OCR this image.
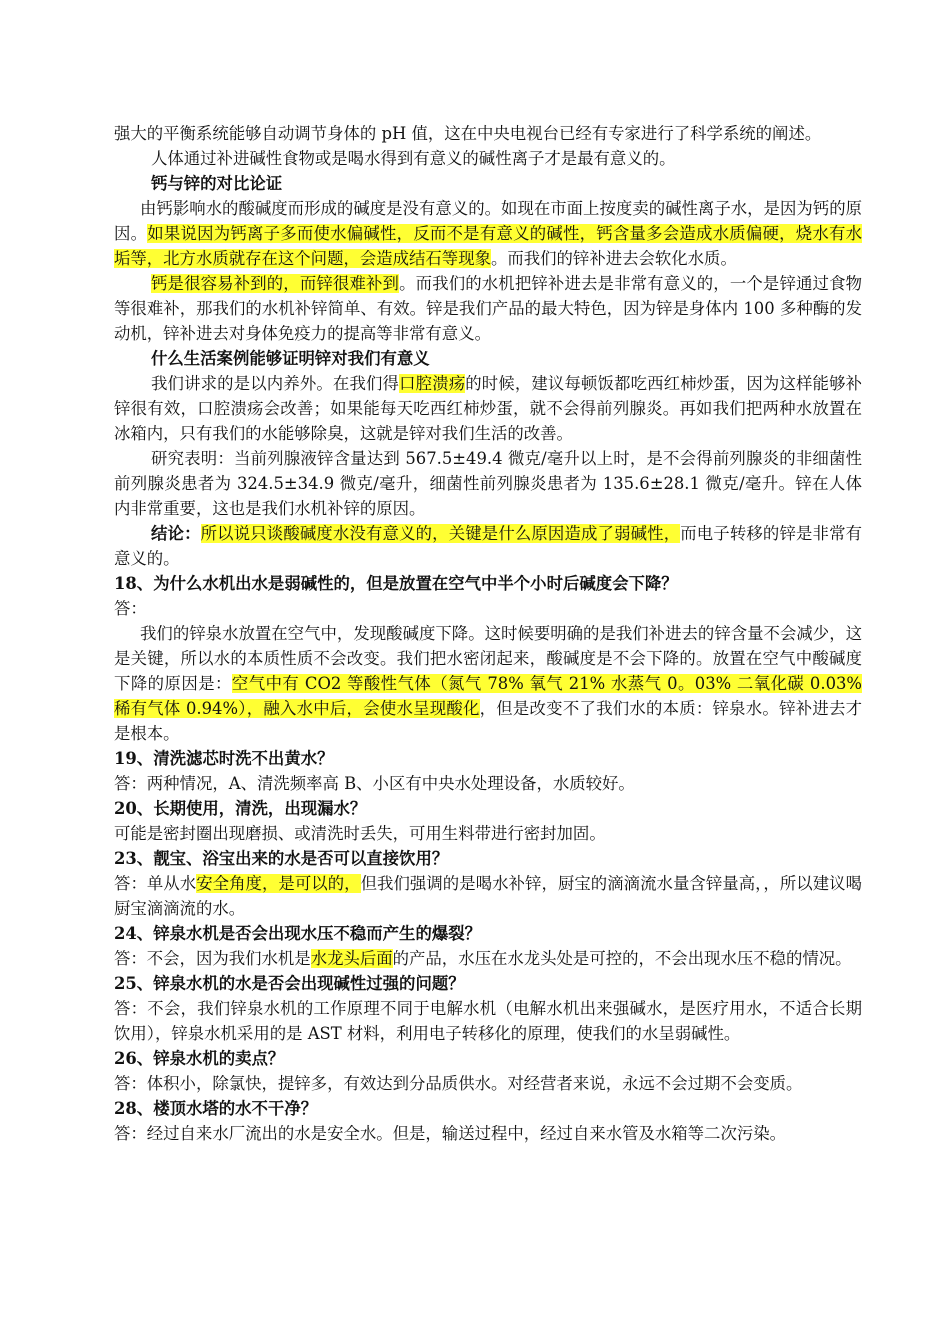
强大的平衡系统能够自动调节身体的 pH 值，这在中央电视台已经有专家进行了科学系统的阐述。

人体通过补进碱性食物或是喝水得到有意义的碱性离子才是最有意义的。

钙与锌的对比论证

由钙影响水的酸碱度而形成的碱度是没有意义的。如现在市面上按度卖的碱性离子水，是因为钙的原因。如果说因为钙离子多而使水偏碱性，反而不是有意义的碱性，钙含量多会造成水质偏硬，烧水有水垢等，北方水质就存在这个问题，会造成结石等现象。而我们的锌补进去会软化水质。

钙是很容易补到的，而锌很难补到。而我们的水机把锌补进去是非常有意义的，一个是锌通过食物等很难补，那我们的水机补锌简单、有效。锌是我们产品的最大特色，因为锌是身体内 100 多种酶的发动机，锌补进去对身体免疫力的提高等非常有意义。

什么生活案例能够证明锌对我们有意义

我们讲求的是以内养外。在我们得口腔溃疡的时候，建议每顿饭都吃西红柿炒蛋，因为这样能够补锌很有效，口腔溃疡会改善；如果能每天吃西红柿炒蛋，就不会得前列腺炎。再如我们把两种水放置在冰箱内，只有我们的水能够除臭，这就是锌对我们生活的改善。

研究表明：当前列腺液锌含量达到 567.5±49.4 微克/毫升以上时，是不会得前列腺炎的非细菌性前列腺炎患者为 324.5±34.9 微克/毫升，细菌性前列腺炎患者为 135.6±28.1 微克/毫升。锌在人体内非常重要，这也是我们水机补锌的原因。

结论：所以说只谈酸碱度水没有意义的，关键是什么原因造成了弱碱性，而电子转移的锌是非常有意义的。

18、为什么水机出水是弱碱性的，但是放置在空气中半个小时后碱度会下降？

答：

我们的锌泉水放置在空气中，发现酸碱度下降。这时候要明确的是我们补进去的锌含量不会减少，这是关键，所以水的本质性质不会改变。我们把水密闭起来，酸碱度是不会下降的。放置在空气中酸碱度下降的原因是：空气中有 CO2 等酸性气体（氮气 78% 氧气 21% 水蒸气 0。03% 二氧化碳 0.03% 稀有气体 0.94%），融入水中后，会使水呈现酸化，但是改变不了我们水的本质：锌泉水。锌补进去才是根本。

19、清洗滤芯时洗不出黄水？

答：两种情况，A、清洗频率高 B、小区有中央水处理设备，水质较好。

20、长期使用，清洗，出现漏水？

可能是密封圈出现磨损、或清洗时丢失，可用生料带进行密封加固。

23、靓宝、浴宝出来的水是否可以直接饮用？

答：单从水安全角度，是可以的，但我们强调的是喝水补锌，厨宝的滴滴流水量含锌量高，，所以建议喝厨宝滴滴流的水。

24、锌泉水机是否会出现水压不稳而产生的爆裂？

答：不会，因为我们水机是水龙头后面的产品，水压在水龙头处是可控的，不会出现水压不稳的情况。

25、锌泉水机的水是否会出现碱性过强的问题？

答：不会，我们锌泉水机的工作原理不同于电解水机（电解水机出来强碱水，是医疗用水，不适合长期饮用），锌泉水机采用的是 AST 材料，利用电子转移化的原理，使我们的水呈弱碱性。

26、锌泉水机的卖点？

答：体积小，除氯快，提锌多，有效达到分品质供水。对经营者来说，永远不会过期不会变质。

28、楼顶水塔的水不干净？

答：经过自来水厂流出的水是安全水。但是，输送过程中，经过自来水管及水箱等二次污染。
